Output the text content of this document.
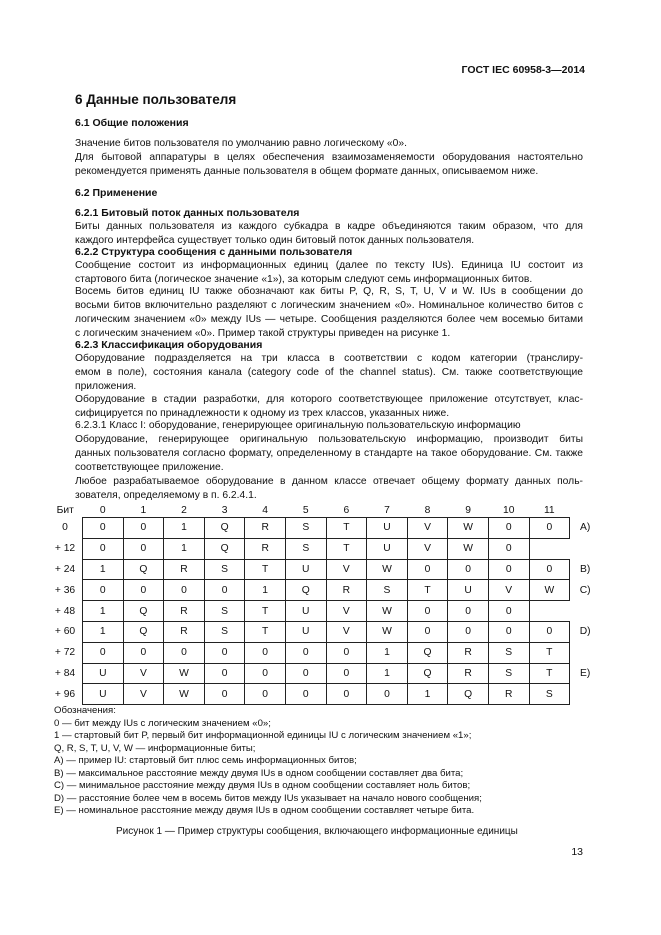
ГОСТ IEC 60958-3—2014
6 Данные пользователя
6.1 Общие положения
Значение битов пользователя по умолчанию равно логическому «0».
Для бытовой аппаратуры в целях обеспечения взаимозаменяемости оборудования настоятельно
рекомендуется применять данные пользователя в общем формате данных, описываемом ниже.
6.2 Применение
6.2.1 Битовый поток данных пользователя
Биты данных пользователя из каждого субкадра в кадре объединяются таким образом, что для
каждого интерфейса существует только один битовый поток данных пользователя.
6.2.2 Структура сообщения с данными пользователя
Сообщение состоит из информационных единиц (далее по тексту IUs). Единица IU состоит из
стартового бита (логическое значение «1»), за которым следуют семь информационных битов.
Восемь битов единиц IU также обозначают как биты P, Q, R, S, T, U, V и W. IUs в сообщении до
восьми битов включительно разделяют с логическим значением «0». Номинальное количество битов с
логическим значением «0» между IUs — четыре. Сообщения разделяются более чем восемью битами
с логическим значением «0». Пример такой структуры приведен на рисунке 1.
6.2.3 Классификация оборудования
Оборудование подразделяется на три класса в соответствии с кодом категории (транслиру-
емом в поле), состояния канала (category code of the channel status). См. также соответствующие
приложения.
Оборудование в стадии разработки, для которого соответствующее приложение отсутствует, клас-
сифицируется по принадлежности к одному из трех классов, указанных ниже.
6.2.3.1 Класс I: оборудование, генерирующее оригинальную пользовательскую информацию
Оборудование, генерирующее оригинальную пользовательскую информацию, производит биты
данных пользователя согласно формату, определенному в стандарте на такое оборудование. См. также
соответствующее приложение.
Любое разрабатываемое оборудование в данном классе отвечает общему формату данных поль-
зователя, определяемому в п. 6.2.4.1.
Бит	0	1	2	3	4	5	6	7	8	9	10	11	
0	0	0	1	Q	R	S	T	U	V	W	0	0	A)
+ 12	0	0	1	Q	R	S	T	U	V	W	0		
+ 24	1	Q	R	S	T	U	V	W	0	0	0	0	B)
+ 36	0	0	0	0	1	Q	R	S	T	U	V	W	C)
+ 48	1	Q	R	S	T	U	V	W	0	0	0		
+ 60	1	Q	R	S	T	U	V	W	0	0	0	0	D)
+ 72	0	0	0	0	0	0	0	1	Q	R	S	T	
+ 84	U	V	W	0	0	0	0	1	Q	R	S	T	E)
+ 96	U	V	W	0	0	0	0	0	1	Q	R	S	
Обозначения:
0 — бит между IUs с логическим значением «0»;
1 — стартовый бит P, первый бит информационной единицы IU с логическим значением «1»;
Q, R, S, T, U, V, W — информационные биты;
A) — пример IU: стартовый бит плюс семь информационных битов;
B) — максимальное расстояние между двумя IUs в одном сообщении составляет два бита;
C) — минимальное расстояние между двумя IUs в одном сообщении составляет ноль битов;
D) — расстояние более чем в восемь битов между IUs указывает на начало нового сообщения;
E) — номинальное расстояние между двумя IUs в одном сообщении составляет четыре бита.
Рисунок 1 — Пример структуры сообщения, включающего информационные единицы
13
